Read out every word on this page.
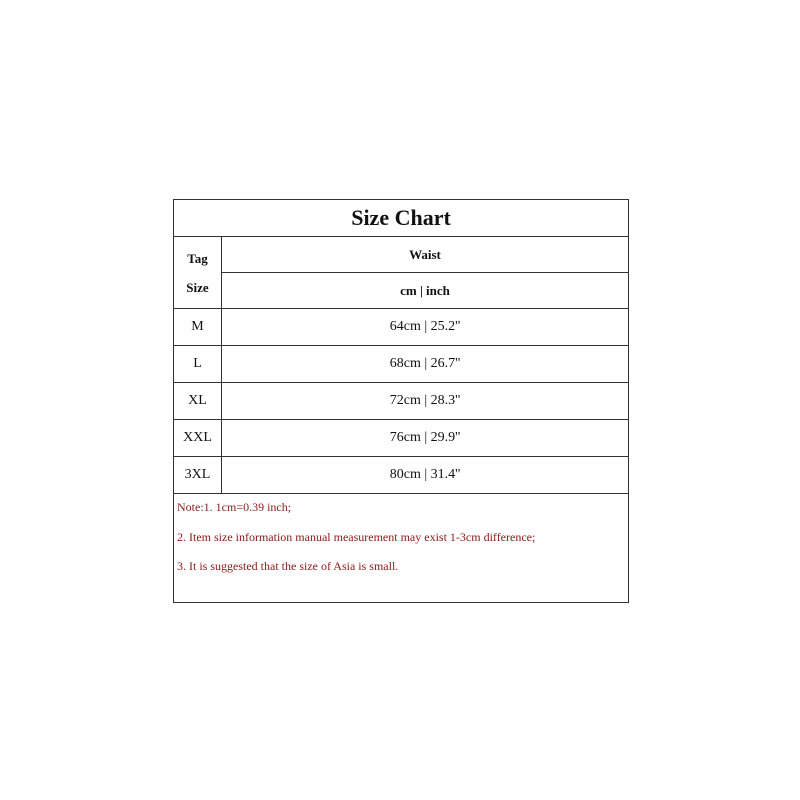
Size Chart	

Tag
Size	Waist
	cm | inch
M	64cm | 25.2''
L	68cm | 26.7''
XL	72cm | 28.3''
XXL	76cm | 29.9''
3XL	80cm | 31.4''

Note:1. 1cm=0.39 inch;
2. Item size information manual measurement may exist 1-3cm difference;
3. It is suggested that the size of Asia is small.	
